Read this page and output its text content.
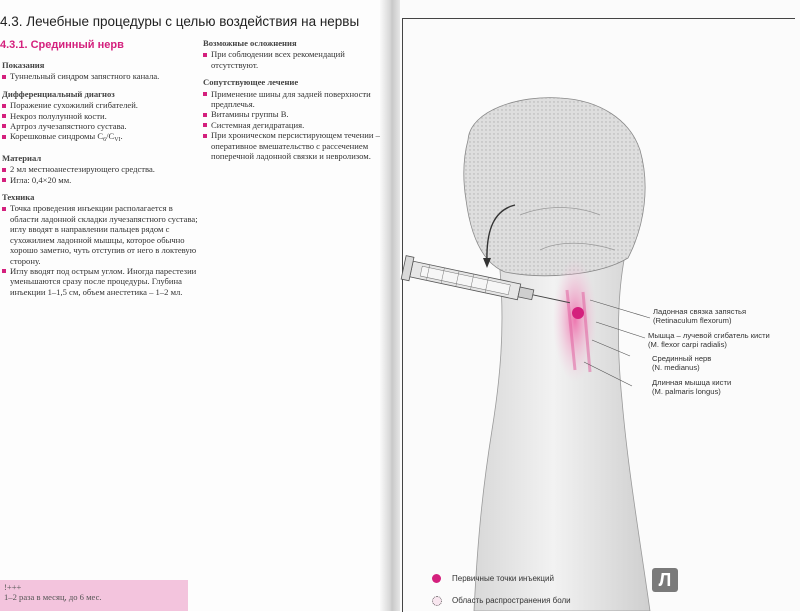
4.3. Лечебные процедуры с целью воздействия на нервы
4.3.1. Срединный нерв
Показания
Туннельный синдром запястного канала.
Дифференциальный диагноз
Поражение сухожилий сгибателей.
Некроз полулунной кости.
Артроз лучезапястного сустава.
Корешковые синдромы $C_6/C_{VI}$.
Материал
2 мл местноанестезирующего средства.
Игла: 0,4×20 мм.
Техника
Точка проведения инъекции располагается в области ладонной складки лучезапястного сустава; иглу вводят в направлении пальцев рядом с сухожилием ладонной мышцы, которое обычно хорошо заметно, чуть отступив от него в локтевую сторону.
Иглу вводят под острым углом. Иногда парестезии уменьшаются сразу после процедуры. Глубина инъекции 1–1,5 см, объем анестетика – 1–2 мл.
Возможные осложнения
При соблюдении всех рекомендаций отсутствуют.
Сопутствующее лечение
Применение шины для задней поверхности предплечья.
Витамины группы B.
Системная дегидратация.
При хроническом персистирующем течении – оперативное вмешательство с рассечением поперечной ладонной связки и невролизом.
!+++
1–2 раза в месяц, до 6 мес.
Ладонная связка запястья
(Retinaculum flexorum)
Мышца – лучевой сгибатель кисти
(M. flexor carpi radialis)
Срединный нерв
(N. medianus)
Длинная мышца кисти
(M. palmaris longus)
Первичные точки инъекций
Область распространения боли
Л
